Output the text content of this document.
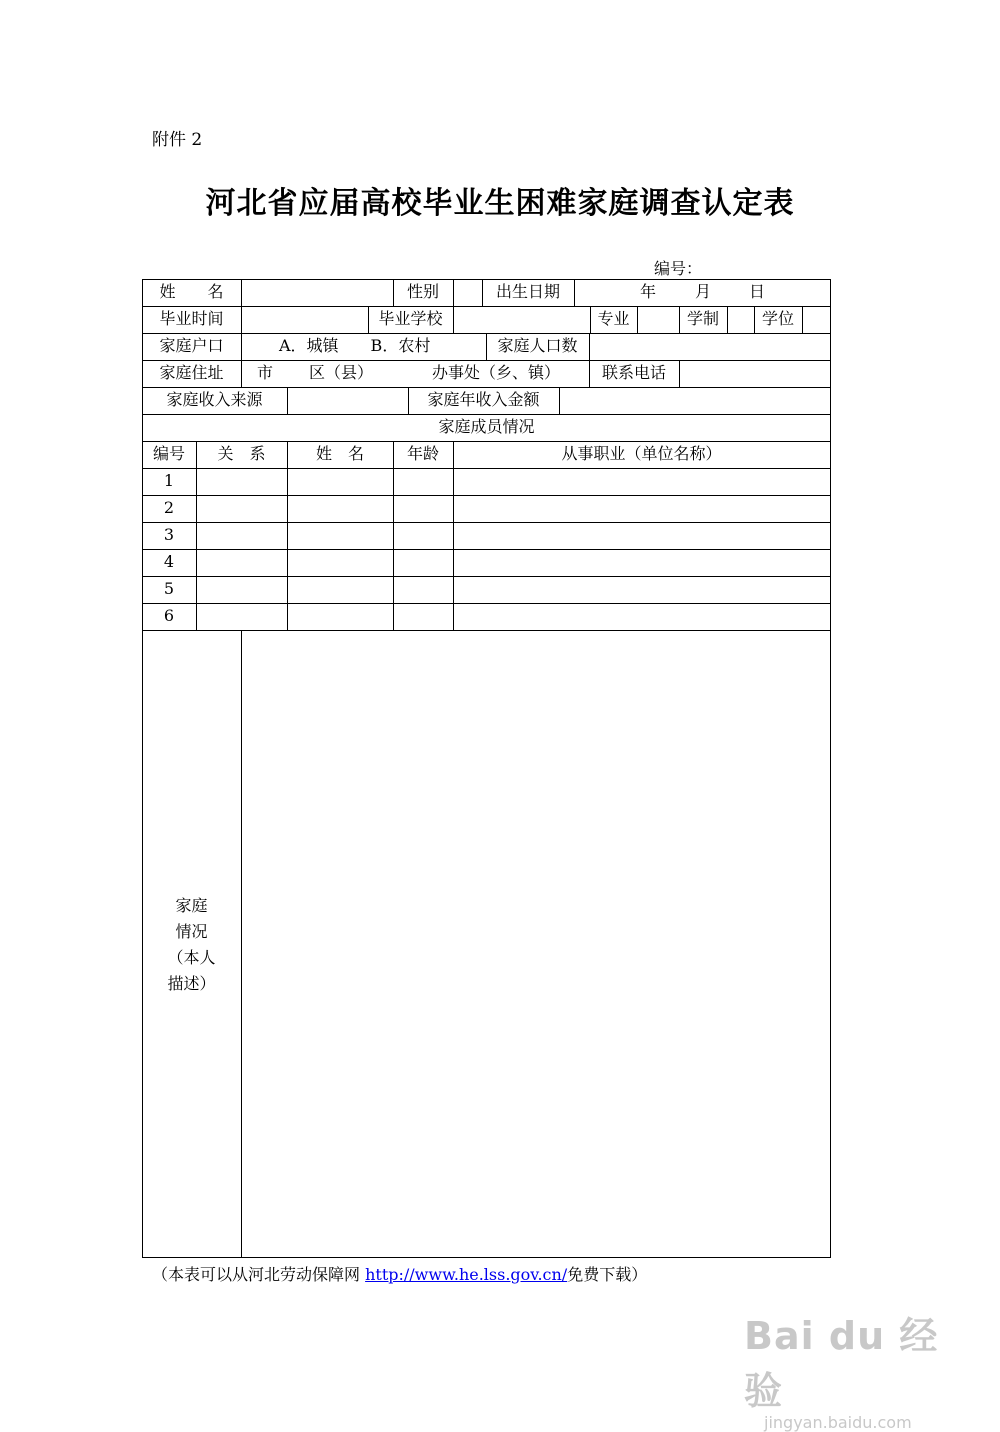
附件 2
河北省应届高校毕业生困难家庭调查认定表
编号：
姓　　名	性别	出生日期	年 月 日
毕业时间	毕业学校	专业	学制	学位
家庭户口	A．城镇　　B．农村	家庭人口数
家庭住址	市 区（县）	办事处（乡、镇）	联系电话
家庭收入来源	家庭年收入金额
家庭成员情况
编号	关　系	姓　名	年龄	从事职业（单位名称）
1
2
3
4
5
6
家庭
情况
（本人
描述）
（本表可以从河北劳动保障网 http://www.he.lss.gov.cn/免费下载）
Bai du 经验
jingyan.baidu.com
